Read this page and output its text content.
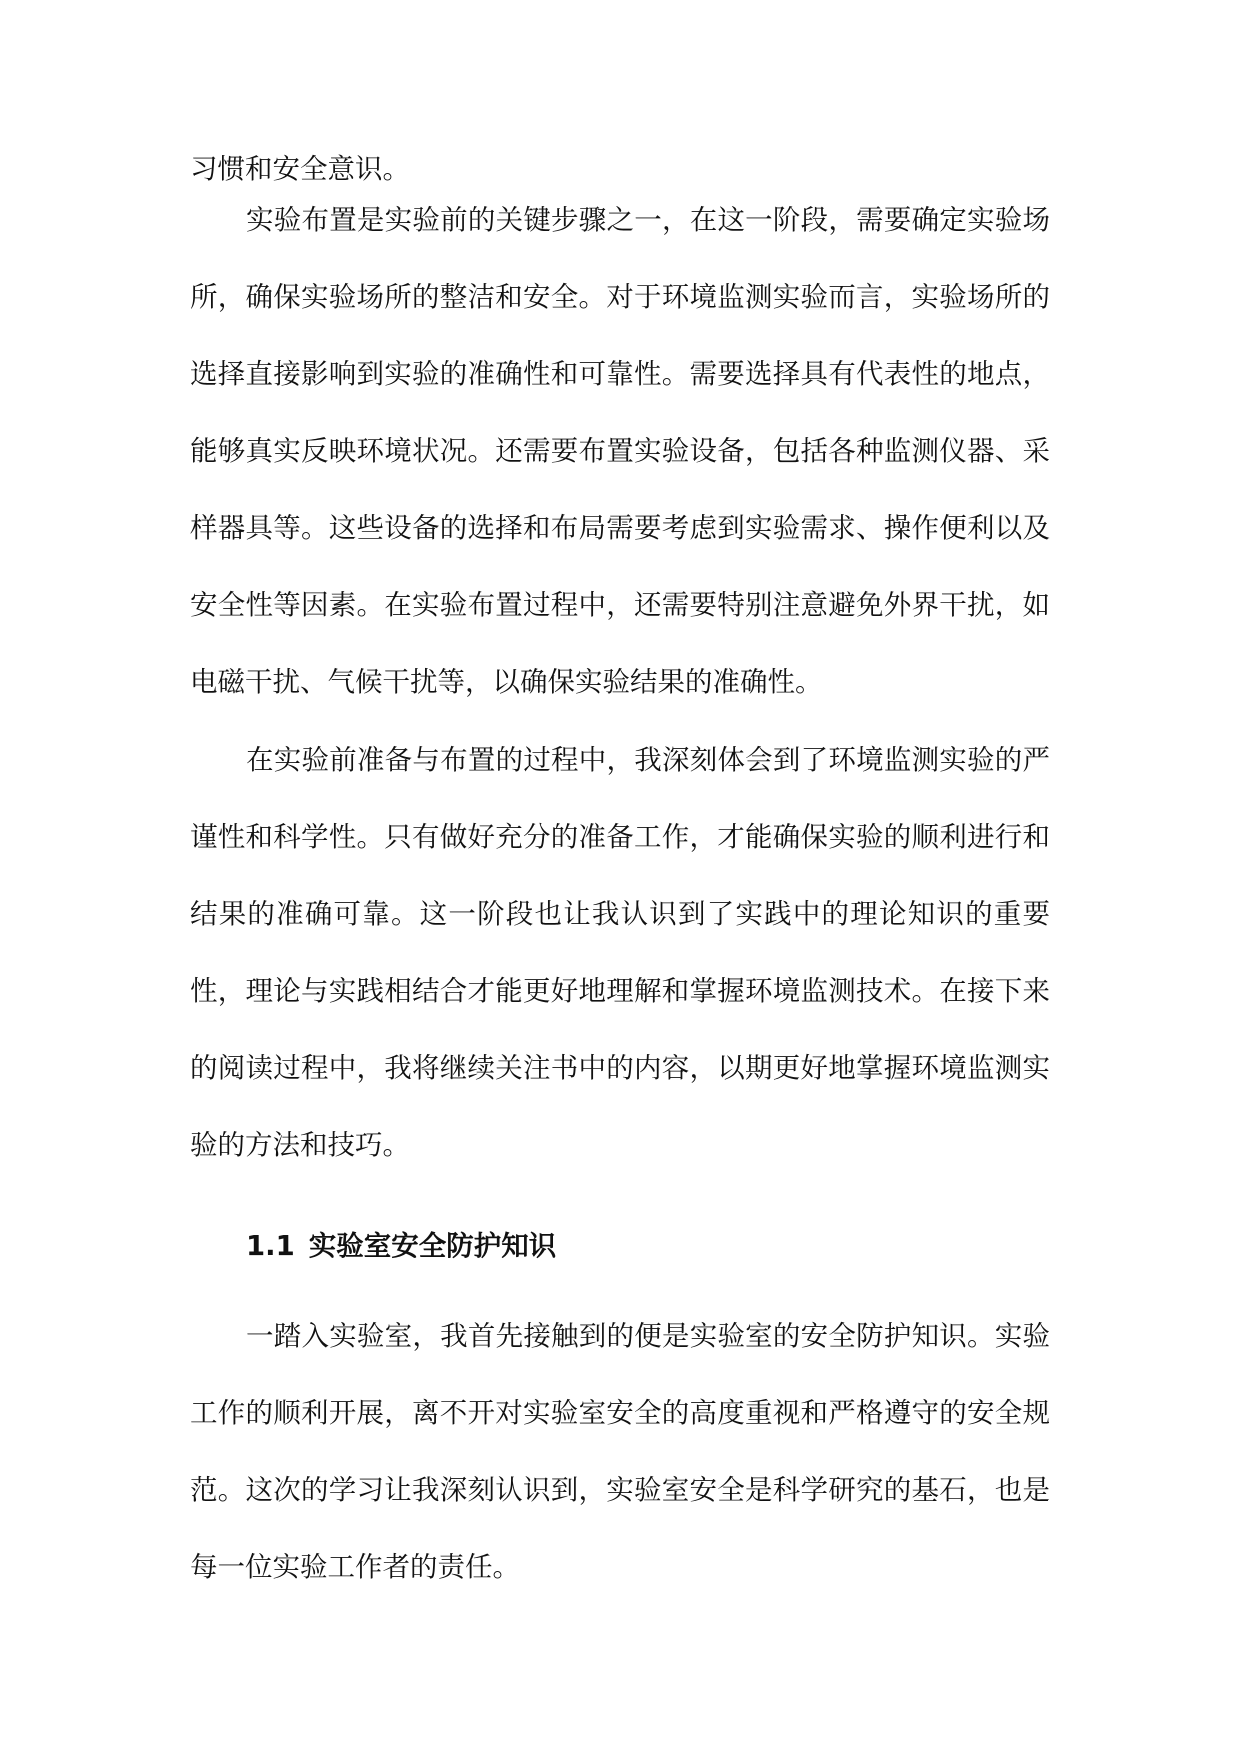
习惯和安全意识。

实验布置是实验前的关键步骤之一，在这一阶段，需要确定实验场所，确保实验场所的整洁和安全。对于环境监测实验而言，实验场所的选择直接影响到实验的准确性和可靠性。需要选择具有代表性的地点，能够真实反映环境状况。还需要布置实验设备，包括各种监测仪器、采样器具等。这些设备的选择和布局需要考虑到实验需求、操作便利以及安全性等因素。在实验布置过程中，还需要特别注意避免外界干扰，如电磁干扰、气候干扰等，以确保实验结果的准确性。

在实验前准备与布置的过程中，我深刻体会到了环境监测实验的严谨性和科学性。只有做好充分的准备工作，才能确保实验的顺利进行和结果的准确可靠。这一阶段也让我认识到了实践中的理论知识的重要性，理论与实践相结合才能更好地理解和掌握环境监测技术。在接下来的阅读过程中，我将继续关注书中的内容，以期更好地掌握环境监测实验的方法和技巧。

1.1 实验室安全防护知识

一踏入实验室，我首先接触到的便是实验室的安全防护知识。实验工作的顺利开展，离不开对实验室安全的高度重视和严格遵守的安全规范。这次的学习让我深刻认识到，实验室安全是科学研究的基石，也是每一位实验工作者的责任。
